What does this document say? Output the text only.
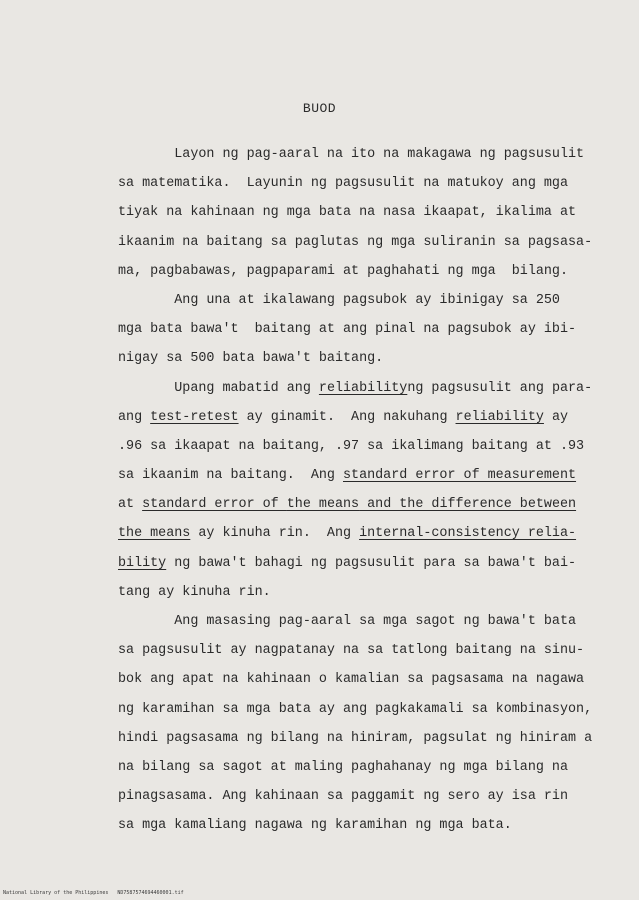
BUOD
Layon ng pag-aaral na ito na makagawa ng pagsusulit
sa matematika.  Layunin ng pagsusulit na matukoy ang mga
tiyak na kahinaan ng mga bata na nasa ikaapat, ikalima at
ikaanim na baitang sa paglutas ng mga suliranin sa pagsasa-
ma, pagbabawas, pagpaparami at paghahati ng mga  bilang.
Ang una at ikalawang pagsubok ay ibinigay sa 250
mga bata bawa't  baitang at ang pinal na pagsubok ay ibi-
nigay sa 500 bata bawa't baitang.
Upang mabatid ang reliabilityng pagsusulit ang para-
ang test-retest ay ginamit.  Ang nakuhang reliability ay
.96 sa ikaapat na baitang, .97 sa ikalimang baitang at .93
sa ikaanim na baitang.  Ang standard error of measurement
at standard error of the means and the difference between
the means ay kinuha rin.  Ang internal-consistency relia-
bility ng bawa't bahagi ng pagsusulit para sa bawa't bai-
tang ay kinuha rin.
Ang masasing pag-aaral sa mga sagot ng bawa't bata
sa pagsusulit ay nagpatanay na sa tatlong baitang na sinu-
bok ang apat na kahinaan o kamalian sa pagsasama na nagawa
ng karamihan sa mga bata ay ang pagkakamali sa kombinasyon,
hindi pagsasama ng bilang na hiniram, pagsulat ng hiniram a
na bilang sa sagot at maling paghahanay ng mga bilang na
pinagsasama. Ang kahinaan sa paggamit ng sero ay isa rin
sa mga kamaliang nagawa ng karamihan ng mga bata.
National Library of the Philippines   ND7587574694460001.tif
